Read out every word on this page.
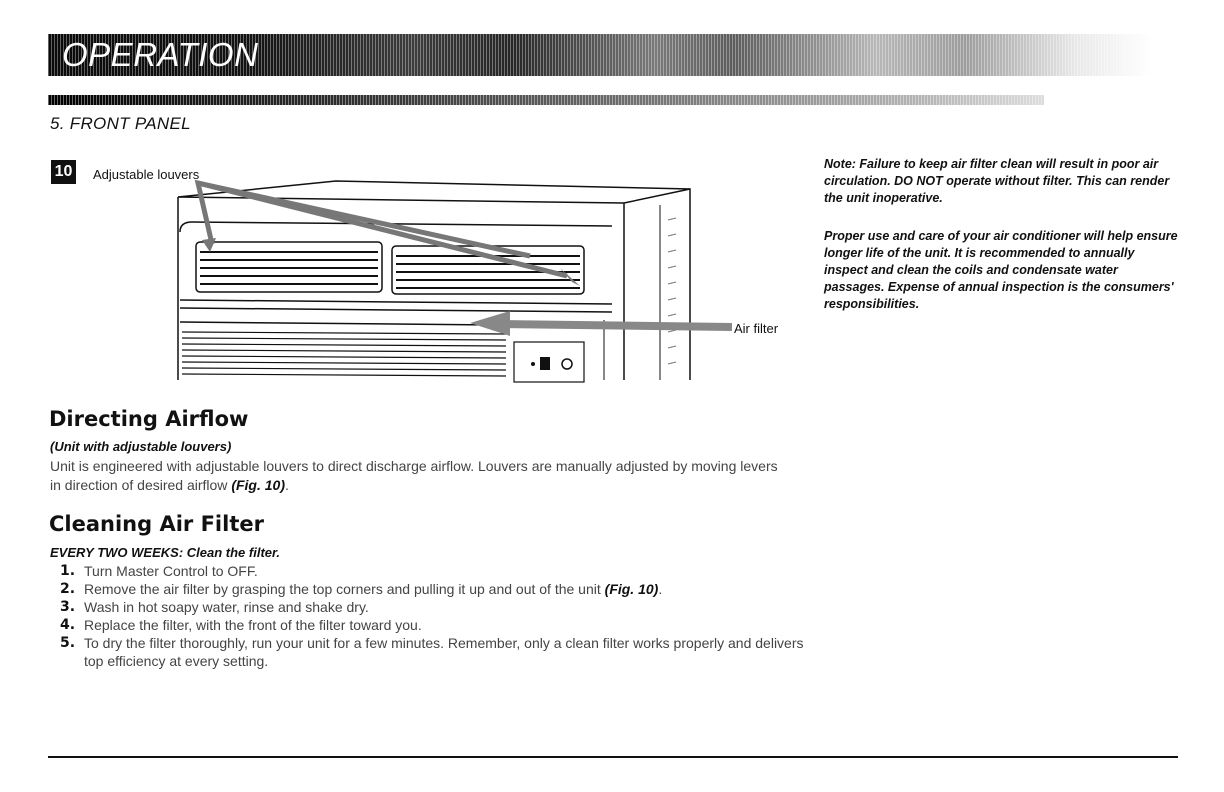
OPERATION
5. FRONT PANEL
10 Adjustable louvers
Air filter

Note: Failure to keep air filter clean will result in poor air circulation. DO NOT operate without filter. This can render the unit inoperative.

Proper use and care of your air conditioner will help ensure longer life of the unit. It is recommended to annually inspect and clean the coils and condensate water passages. Expense of annual inspection is the consumers' responsibilities.

Directing Airflow

(Unit with adjustable louvers)

Unit is engineered with adjustable louvers to direct discharge airflow. Louvers are manually adjusted by moving levers in direction of desired airflow (Fig. 10).

Cleaning Air Filter

EVERY TWO WEEKS: Clean the filter.

1. Turn Master Control to OFF.
2. Remove the air filter by grasping the top corners and pulling it up and out of the unit (Fig. 10).
3. Wash in hot soapy water, rinse and shake dry.
4. Replace the filter, with the front of the filter toward you.
5. To dry the filter thoroughly, run your unit for a few minutes. Remember, only a clean filter works properly and delivers top efficiency at every setting.
